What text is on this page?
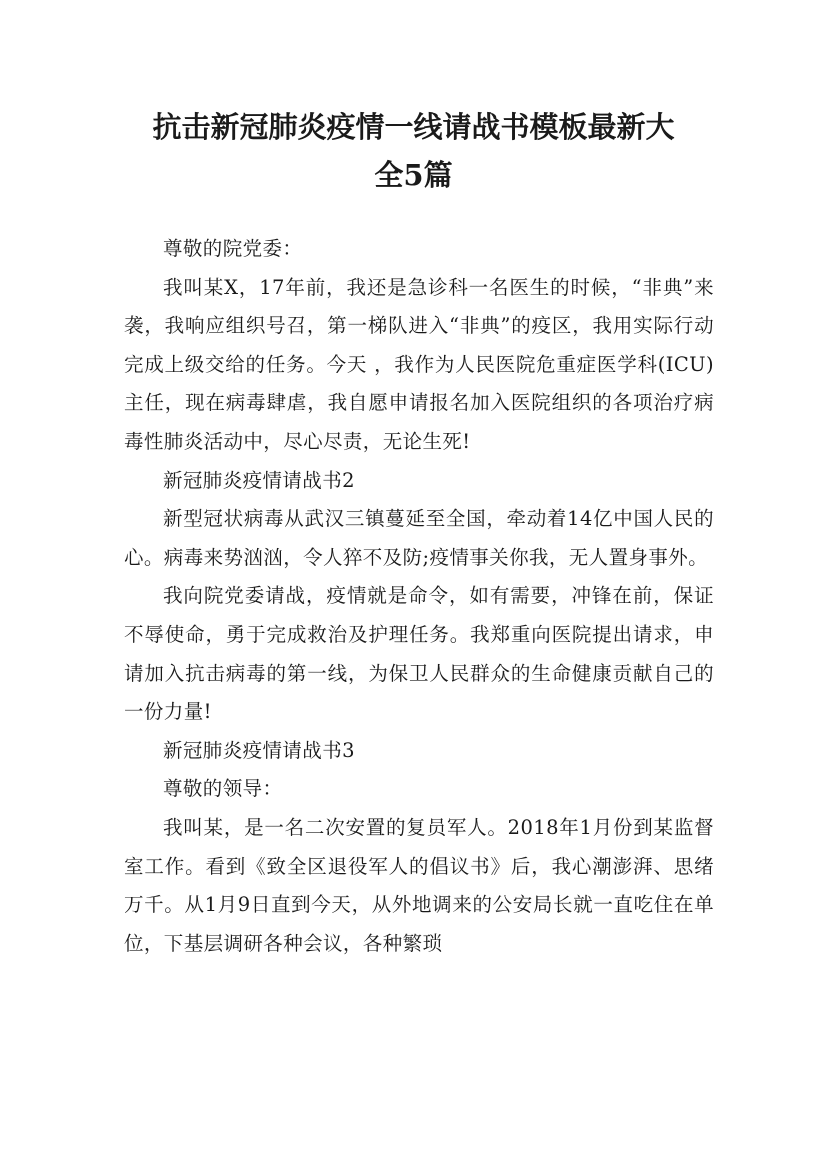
抗击新冠肺炎疫情一线请战书模板最新大
全5篇

尊敬的院党委：

我叫某X，17年前，我还是急诊科一名医生的时候，“非典”来袭，我响应组织号召，第一梯队进入“非典”的疫区，我用实际行动完成上级交给的任务。今天 ，我作为人民医院危重症医学科(ICU)主任，现在病毒肆虐，我自愿申请报名加入医院组织的各项治疗病毒性肺炎活动中，尽心尽责，无论生死!

新冠肺炎疫情请战书2

新型冠状病毒从武汉三镇蔓延至全国，牵动着14亿中国人民的心。病毒来势汹汹，令人猝不及防;疫情事关你我，无人置身事外。

我向院党委请战，疫情就是命令，如有需要，冲锋在前，保证不辱使命，勇于完成救治及护理任务。我郑重向医院提出请求，申请加入抗击病毒的第一线，为保卫人民群众的生命健康贡献自己的一份力量!

新冠肺炎疫情请战书3

尊敬的领导：

我叫某，是一名二次安置的复员军人。2018年1月份到某监督室工作。看到《致全区退役军人的倡议书》后，我心潮澎湃、思绪万千。从1月9日直到今天，从外地调来的公安局长就一直吃住在单位，下基层调研各种会议，各种繁琐
